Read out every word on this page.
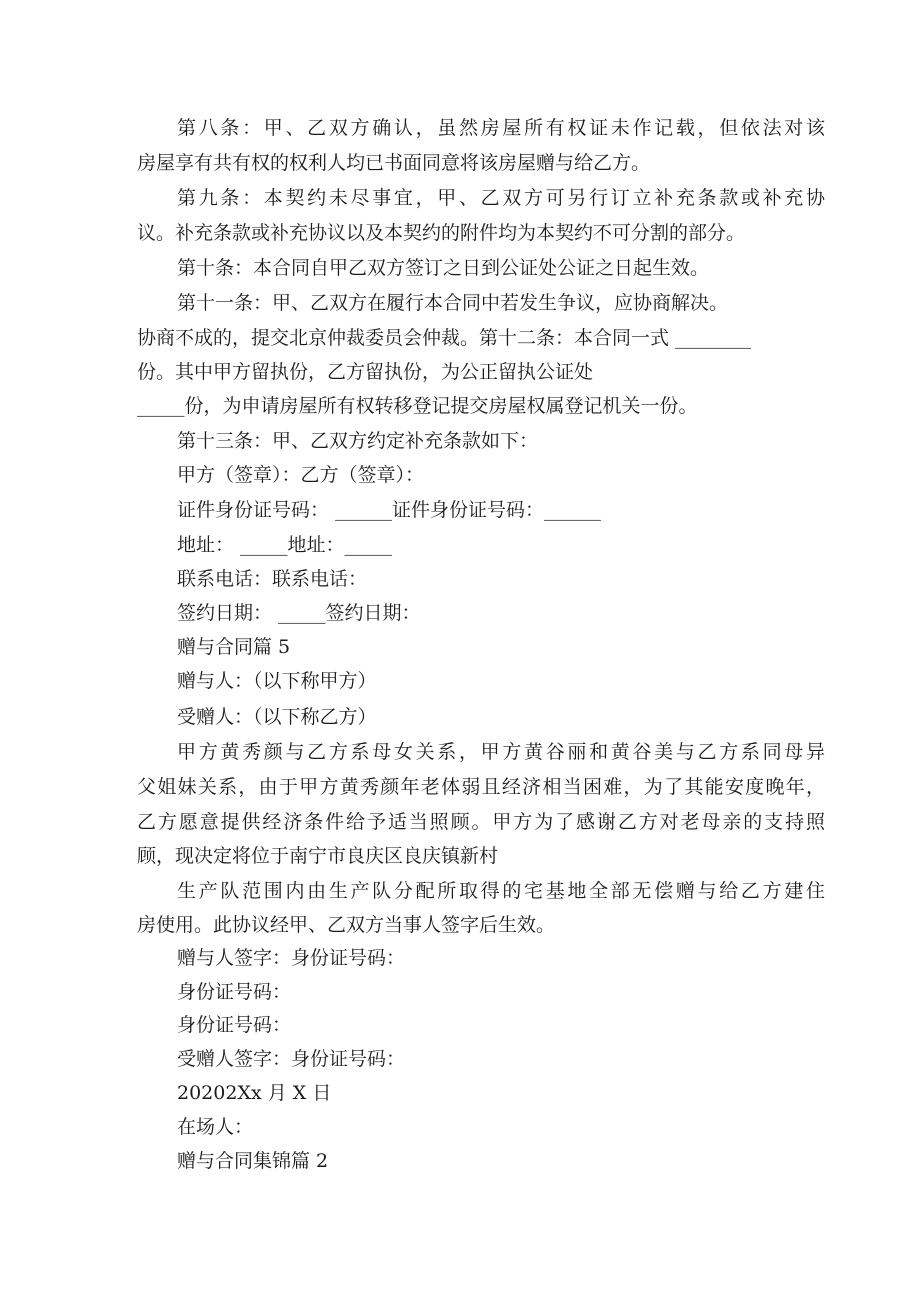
第八条：甲、乙双方确认，虽然房屋所有权证未作记载，但依法对该
房屋享有共有权的权利人均已书面同意将该房屋赠与给乙方。
第九条：本契约未尽事宜，甲、乙双方可另行订立补充条款或补充协
议。补充条款或补充协议以及本契约的附件均为本契约不可分割的部分。
第十条：本合同自甲乙双方签订之日到公证处公证之日起生效。
第十一条：甲、乙双方在履行本合同中若发生争议，应协商解决。
协商不成的，提交北京仲裁委员会仲裁。第十二条：本合同一式 ________
份。其中甲方留执份，乙方留执份，为公正留执公证处
_____份，为申请房屋所有权转移登记提交房屋权属登记机关一份。
第十三条：甲、乙双方约定补充条款如下：
甲方（签章）：乙方（签章）：
证件身份证号码： ______证件身份证号码：______
地址： _____地址：_____
联系电话：联系电话：
签约日期： _____签约日期：
赠与合同篇 5
赠与人：（以下称甲方）
受赠人：（以下称乙方）
甲方黄秀颜与乙方系母女关系，甲方黄谷丽和黄谷美与乙方系同母异
父姐妹关系，由于甲方黄秀颜年老体弱且经济相当困难，为了其能安度晚年，
乙方愿意提供经济条件给予适当照顾。甲方为了感谢乙方对老母亲的支持照
顾，现决定将位于南宁市良庆区良庆镇新村
生产队范围内由生产队分配所取得的宅基地全部无偿赠与给乙方建住
房使用。此协议经甲、乙双方当事人签字后生效。
赠与人签字：身份证号码：
身份证号码：
身份证号码：
受赠人签字：身份证号码：
20202Xx 月 X 日
在场人：
赠与合同集锦篇 2
